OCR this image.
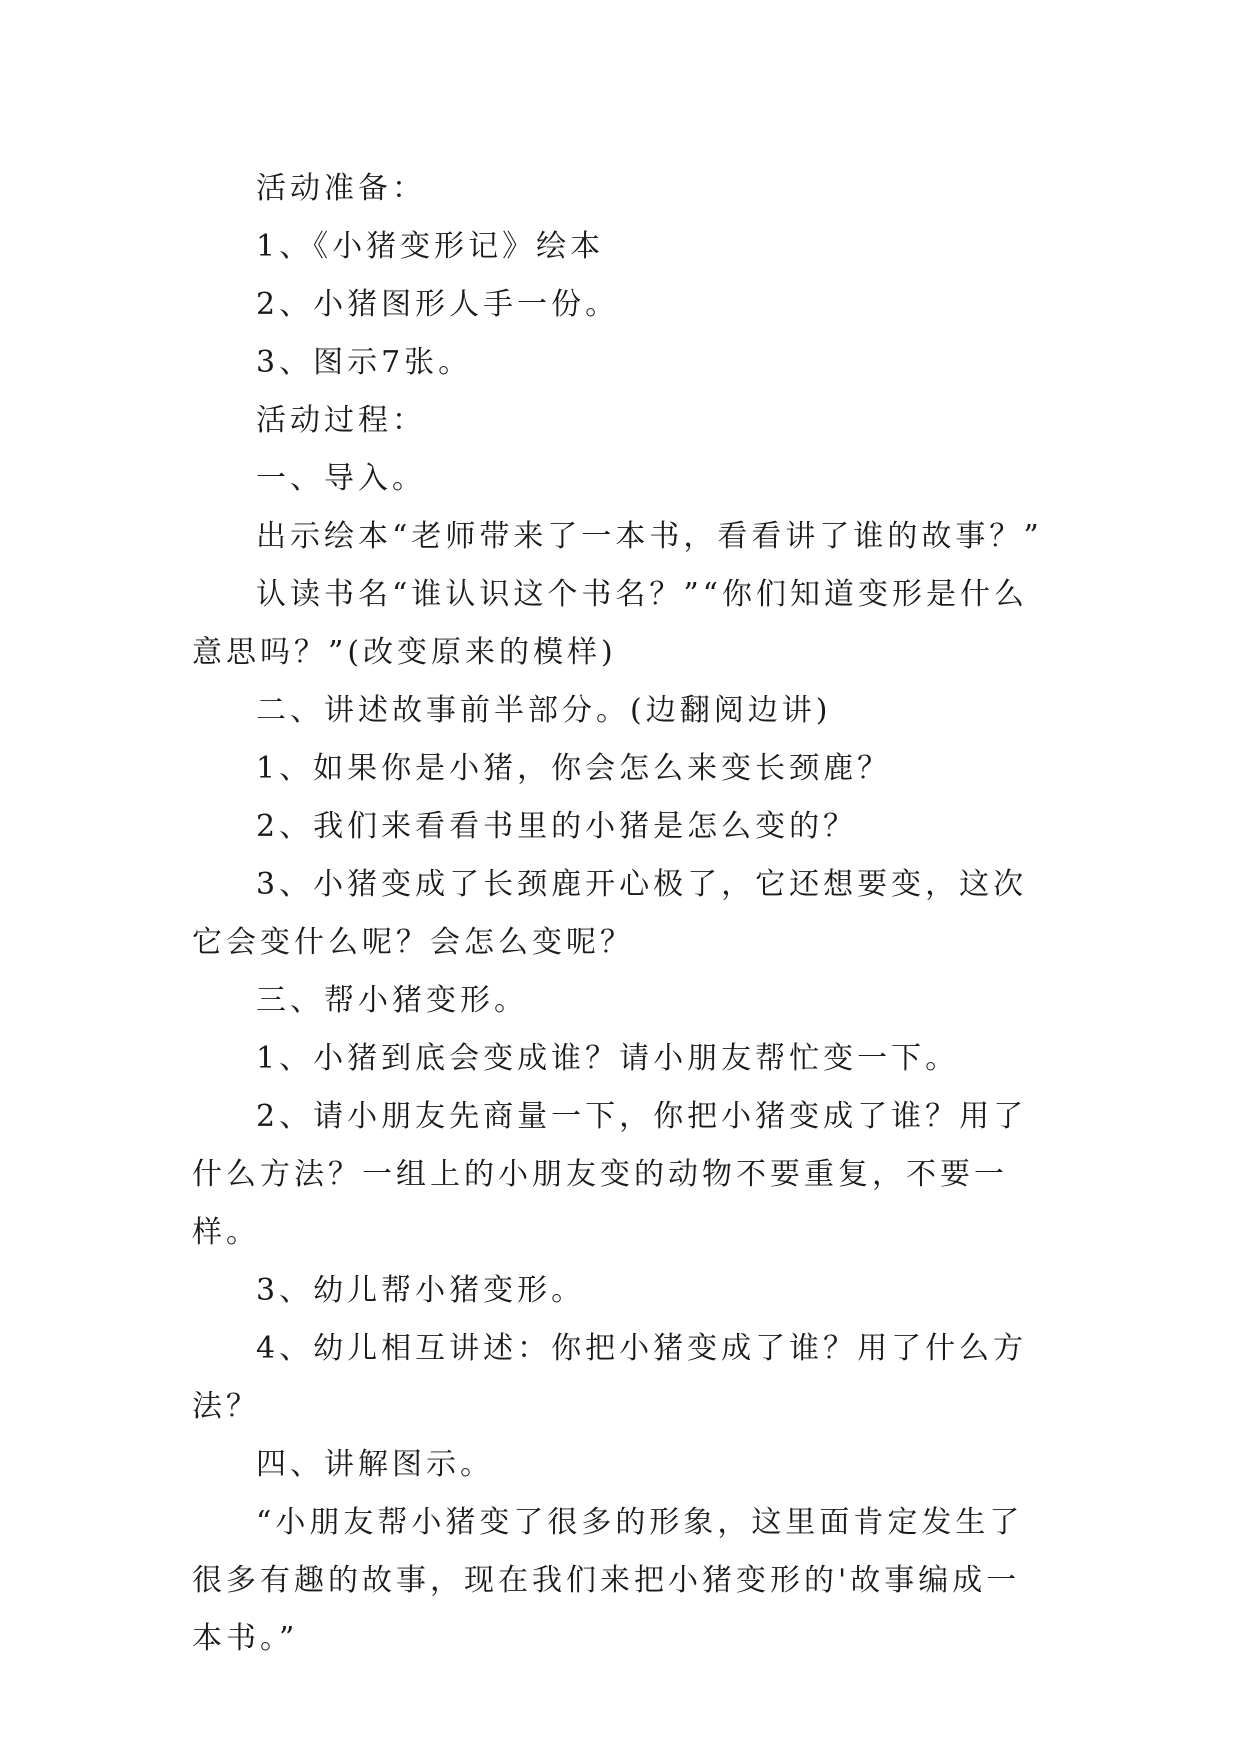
活动准备：

1、《小猪变形记》绘本

2、小猪图形人手一份。

3、图示7张。

活动过程：

一、导入。

出示绘本“老师带来了一本书，看看讲了谁的故事？”

认读书名“谁认识这个书名？”“你们知道变形是什么意思吗？”(改变原来的模样)

二、讲述故事前半部分。(边翻阅边讲)

1、如果你是小猪，你会怎么来变长颈鹿？

2、我们来看看书里的小猪是怎么变的？

3、小猪变成了长颈鹿开心极了，它还想要变，这次它会变什么呢？会怎么变呢？

三、帮小猪变形。

1、小猪到底会变成谁？请小朋友帮忙变一下。

2、请小朋友先商量一下，你把小猪变成了谁？用了什么方法？一组上的小朋友变的动物不要重复，不要一样。

3、幼儿帮小猪变形。

4、幼儿相互讲述：你把小猪变成了谁？用了什么方法？

四、讲解图示。

“小朋友帮小猪变了很多的形象，这里面肯定发生了很多有趣的故事，现在我们来把小猪变形的'故事编成一本书。”
